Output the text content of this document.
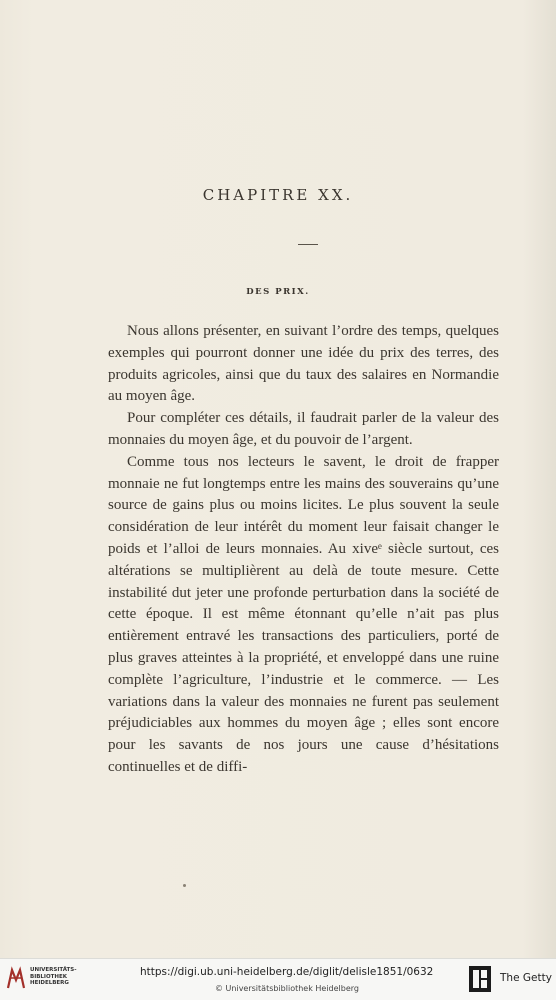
CHAPITRE XX.
DES PRIX.

Nous allons présenter, en suivant l’ordre des temps, quelques exemples qui pourront donner une idée du prix des terres, des produits agricoles, ainsi que du taux des salaires en Normandie au moyen âge.

Pour compléter ces détails, il faudrait parler de la valeur des monnaies du moyen âge, et du pouvoir de l’argent.

Comme tous nos lecteurs le savent, le droit de frapper monnaie ne fut longtemps entre les mains des souverains qu’une source de gains plus ou moins licites. Le plus souvent la seule considération de leur intérêt du moment leur faisait changer le poids et l’alloi de leurs monnaies. Au xiveᵉ siècle surtout, ces altérations se multiplièrent au delà de toute mesure. Cette instabilité dut jeter une profonde perturbation dans la société de cette époque. Il est même étonnant qu’elle n’ait pas plus entièrement entravé les transactions des particuliers, porté de plus graves atteintes à la propriété, et enveloppé dans une ruine complète l’agriculture, l’industrie et le commerce. — Les variations dans la valeur des monnaies ne furent pas seulement préjudiciables aux hommes du moyen âge ; elles sont encore pour les savants de nos jours une cause d’hésitations continuelles et de diffi-

UNIVERSITÄTS-
BIBLIOTHEK
HEIDELBERG
https://digi.ub.uni-heidelberg.de/diglit/delisle1851/0632
© Universitätsbibliothek Heidelberg
The Getty
